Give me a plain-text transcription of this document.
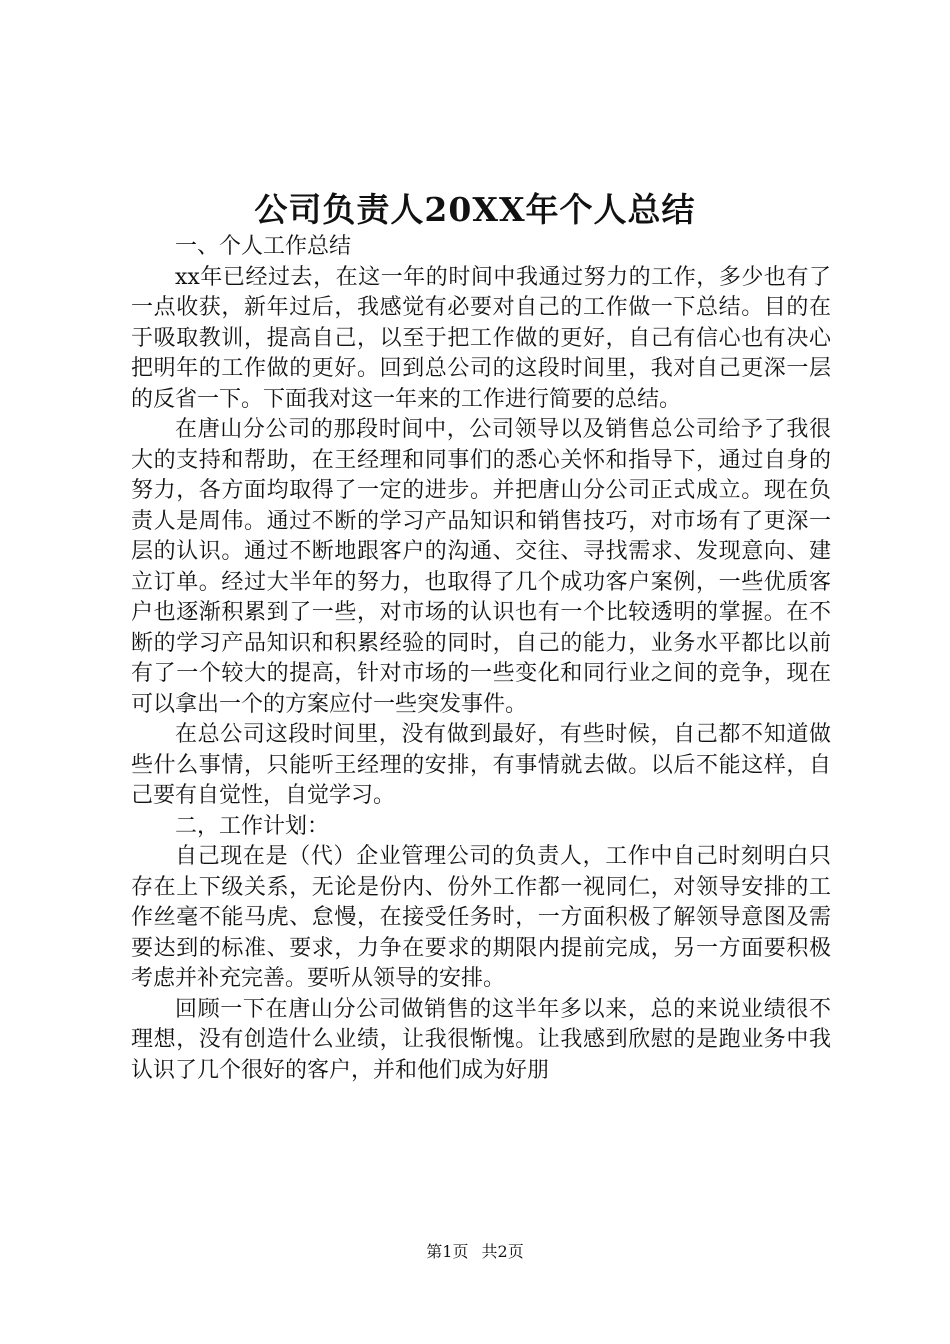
公司负责人20XX年个人总结

一、个人工作总结

xx年已经过去，在这一年的时间中我通过努力的工作，多少也有了一点收获，新年过后，我感觉有必要对自己的工作做一下总结。目的在于吸取教训，提高自己，以至于把工作做的更好，自己有信心也有决心把明年的工作做的更好。回到总公司的这段时间里，我对自己更深一层的反省一下。下面我对这一年来的工作进行简要的总结。

在唐山分公司的那段时间中，公司领导以及销售总公司给予了我很大的支持和帮助，在王经理和同事们的悉心关怀和指导下，通过自身的努力，各方面均取得了一定的进步。并把唐山分公司正式成立。现在负责人是周伟。通过不断的学习产品知识和销售技巧，对市场有了更深一层的认识。通过不断地跟客户的沟通、交往、寻找需求、发现意向、建立订单。经过大半年的努力，也取得了几个成功客户案例，一些优质客户也逐渐积累到了一些，对市场的认识也有一个比较透明的掌握。在不断的学习产品知识和积累经验的同时，自己的能力，业务水平都比以前有了一个较大的提高，针对市场的一些变化和同行业之间的竞争，现在可以拿出一个的方案应付一些突发事件。

在总公司这段时间里，没有做到最好，有些时候，自己都不知道做些什么事情，只能听王经理的安排，有事情就去做。以后不能这样，自己要有自觉性，自觉学习。

二，工作计划：

自己现在是（代）企业管理公司的负责人，工作中自己时刻明白只存在上下级关系，无论是份内、份外工作都一视同仁，对领导安排的工作丝毫不能马虎、怠慢，在接受任务时，一方面积极了解领导意图及需要达到的标准、要求，力争在要求的期限内提前完成，另一方面要积极考虑并补充完善。要听从领导的安排。

回顾一下在唐山分公司做销售的这半年多以来，总的来说业绩很不理想，没有创造什么业绩，让我很惭愧。让我感到欣慰的是跑业务中我认识了几个很好的客户，并和他们成为好朋

第1页 共2页
